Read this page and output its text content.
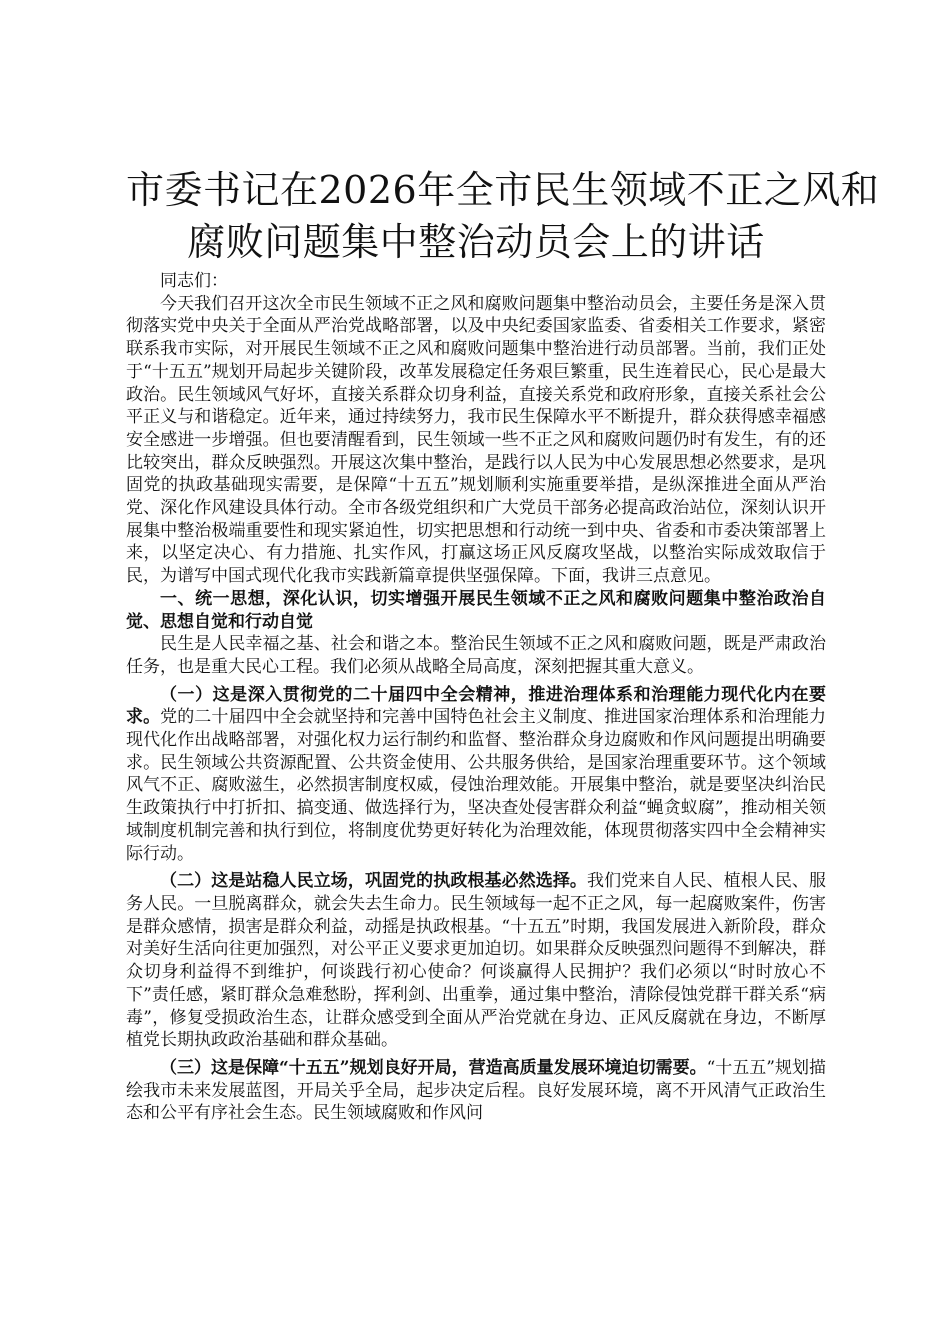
市委书记在2026年全市民生领域不正之风和
腐败问题集中整治动员会上的讲话

同志们：

今天我们召开这次全市民生领域不正之风和腐败问题集中整治动员会，主要任务是深入贯彻落实党中央关于全面从严治党战略部署，以及中央纪委国家监委、省委相关工作要求，紧密联系我市实际，对开展民生领域不正之风和腐败问题集中整治进行动员部署。当前，我们正处于“十五五”规划开局起步关键阶段，改革发展稳定任务艰巨繁重，民生连着民心，民心是最大政治。民生领域风气好坏，直接关系群众切身利益，直接关系党和政府形象，直接关系社会公平正义与和谐稳定。近年来，通过持续努力，我市民生保障水平不断提升，群众获得感幸福感安全感进一步增强。但也要清醒看到，民生领域一些不正之风和腐败问题仍时有发生，有的还比较突出，群众反映强烈。开展这次集中整治，是践行以人民为中心发展思想必然要求，是巩固党的执政基础现实需要，是保障“十五五”规划顺利实施重要举措，是纵深推进全面从严治党、深化作风建设具体行动。全市各级党组织和广大党员干部务必提高政治站位，深刻认识开展集中整治极端重要性和现实紧迫性，切实把思想和行动统一到中央、省委和市委决策部署上来，以坚定决心、有力措施、扎实作风，打赢这场正风反腐攻坚战，以整治实际成效取信于民，为谱写中国式现代化我市实践新篇章提供坚强保障。下面，我讲三点意见。

一、统一思想，深化认识，切实增强开展民生领域不正之风和腐败问题集中整治政治自觉、思想自觉和行动自觉

民生是人民幸福之基、社会和谐之本。整治民生领域不正之风和腐败问题，既是严肃政治任务，也是重大民心工程。我们必须从战略全局高度，深刻把握其重大意义。

（一）这是深入贯彻党的二十届四中全会精神，推进治理体系和治理能力现代化内在要求。党的二十届四中全会就坚持和完善中国特色社会主义制度、推进国家治理体系和治理能力现代化作出战略部署，对强化权力运行制约和监督、整治群众身边腐败和作风问题提出明确要求。民生领域公共资源配置、公共资金使用、公共服务供给，是国家治理重要环节。这个领域风气不正、腐败滋生，必然损害制度权威，侵蚀治理效能。开展集中整治，就是要坚决纠治民生政策执行中打折扣、搞变通、做选择行为，坚决查处侵害群众利益“蝇贪蚁腐”，推动相关领域制度机制完善和执行到位，将制度优势更好转化为治理效能，体现贯彻落实四中全会精神实际行动。

（二）这是站稳人民立场，巩固党的执政根基必然选择。我们党来自人民、植根人民、服务人民。一旦脱离群众，就会失去生命力。民生领域每一起不正之风，每一起腐败案件，伤害是群众感情，损害是群众利益，动摇是执政根基。“十五五”时期，我国发展进入新阶段，群众对美好生活向往更加强烈，对公平正义要求更加迫切。如果群众反映强烈问题得不到解决，群众切身利益得不到维护，何谈践行初心使命？何谈赢得人民拥护？我们必须以“时时放心不下”责任感，紧盯群众急难愁盼，挥利剑、出重拳，通过集中整治，清除侵蚀党群干群关系“病毒”，修复受损政治生态，让群众感受到全面从严治党就在身边、正风反腐就在身边，不断厚植党长期执政政治基础和群众基础。

（三）这是保障“十五五”规划良好开局，营造高质量发展环境迫切需要。“十五五”规划描绘我市未来发展蓝图，开局关乎全局，起步决定后程。良好发展环境，离不开风清气正政治生态和公平有序社会生态。民生领域腐败和作风问
